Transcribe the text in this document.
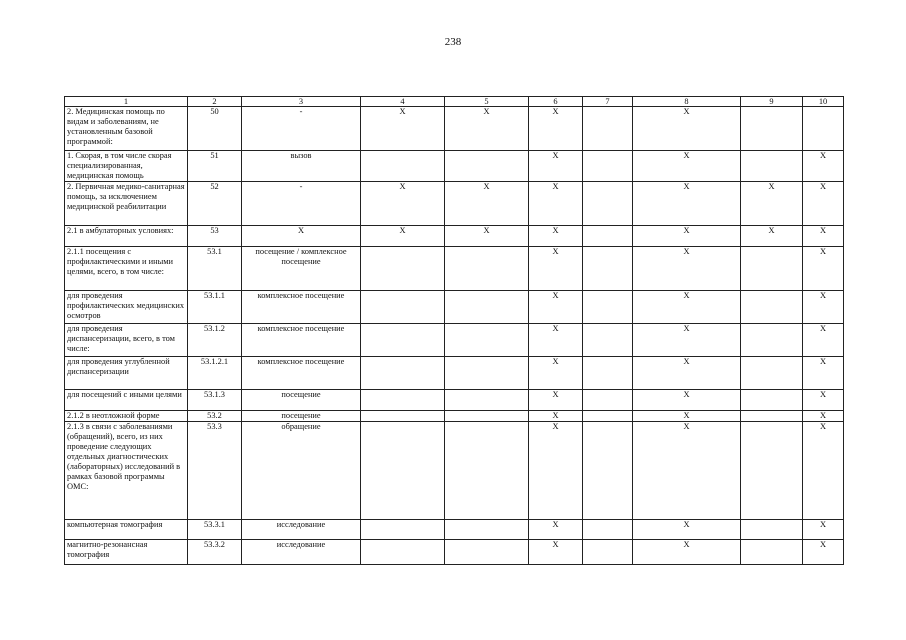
238
1	2	3	4	5	6	7	8	9	10
2. Медицинская помощь по видам и заболеваниям, не установленным базовой программой:	50	-	X	X	X		X		
1. Скорая, в том числе скорая специализированная, медицинская помощь	51	вызов			X		X		X
2. Первичная медико-санитарная помощь, за исключением медицинской реабилитации	52	-	X	X	X		X	X	X
2.1 в амбулаторных условиях:	53	X	X	X	X		X	X	X
2.1.1 посещения с профилактическими и иными целями, всего, в том числе:	53.1	посещение / комплексное посещение			X		X		X
для проведения профилактических медицинских осмотров	53.1.1	комплексное посещение			X		X		X
для проведения диспансеризации, всего, в том числе:	53.1.2	комплексное посещение			X		X		X
для проведения углубленной диспансеризации	53.1.2.1	комплексное посещение			X		X		X
для посещений с иными целями	53.1.3	посещение			X		X		X
2.1.2 в неотложной форме	53.2	посещение			X		X		X
2.1.3 в связи с заболеваниями (обращений), всего, из них проведение следующих отдельных диагностических (лабораторных) исследований в рамках базовой программы ОМС:	53.3	обращение			X		X		X
компьютерная томография	53.3.1	исследование			X		X		X
магнитно-резонансная томография	53.3.2	исследование			X		X		X
